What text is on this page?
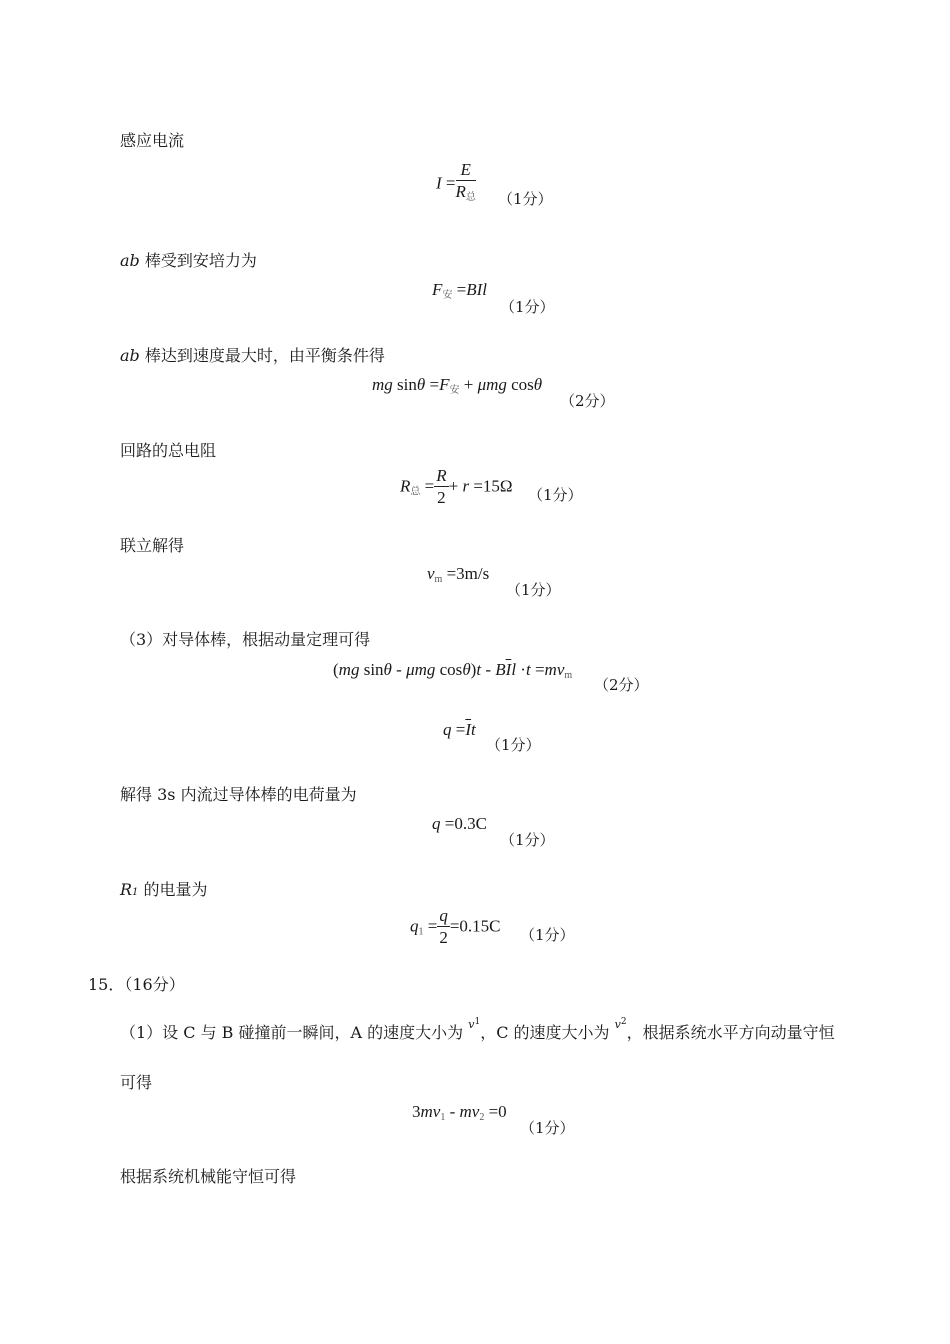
感应电流
$I = \frac{E}{R_总} (1$分）
ab 棒受到安培力为
$F_安 =BIl$
（1分）
ab 棒达到速度最大时，由平衡条件得
mg $\sin\theta =F_安 + \mu mg$ cosθ
（2分）
回路的总电阻
$R_总 = \frac{R}{2} + r =15\Omega$ （1分）
联立解得
$v_m =3m/s$
（1分）
（3）对导体棒，根据动量定理可得
(mg sinθ - μmg $\cos\theta)t - B\overline{I}l \cdot t =mv_m$
（2分）
$q =\overline{I}t$
（1分）
解得 3s 内流过导体棒的电荷量为
q =0.3C
（1分）
R1 的电量为
$q_1 = \frac{q}{2} =0.15C$ （1分）
15．（16分）
（1）设 C 与 B 碰撞前一瞬间，A 的速度大小为 $^{v1}$，C 的速度大小为 $^{v2}$，根据系统水平方向动量守恒
可得
$3mv_1 - mv_2 =0$
（1分）
根据系统机械能守恒可得
